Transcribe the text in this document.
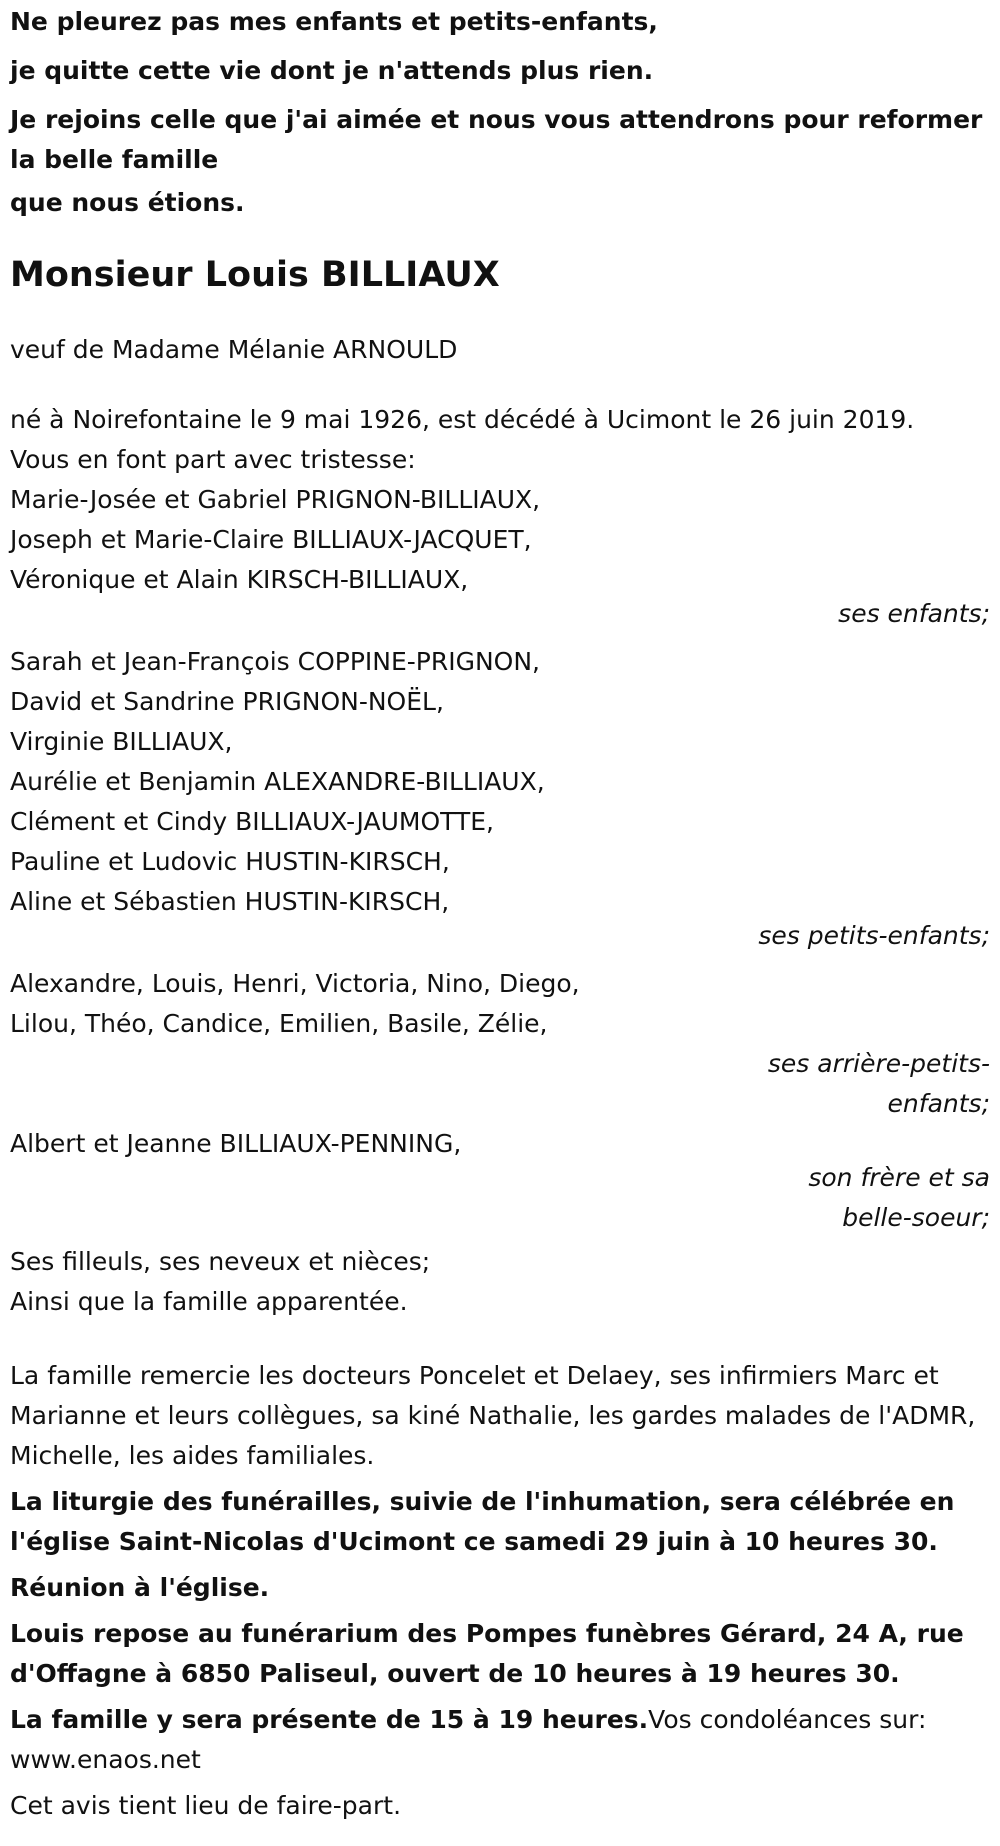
Ne pleurez pas mes enfants et petits-enfants,

je quitte cette vie dont je n'attends plus rien.

Je rejoins celle que j'ai aimée et nous vous attendrons pour reformer la belle famille

que nous étions.

Monsieur Louis BILLIAUX

veuf de Madame Mélanie ARNOULD

né à Noirefontaine le 9 mai 1926, est décédé à Ucimont le 26 juin 2019.

Vous en font part avec tristesse:

Marie-Josée et Gabriel PRIGNON-BILLIAUX,

Joseph et Marie-Claire BILLIAUX-JACQUET,

Véronique et Alain KIRSCH-BILLIAUX,

ses enfants;

Sarah et Jean-François COPPINE-PRIGNON,

David et Sandrine PRIGNON-NOËL,

Virginie BILLIAUX,

Aurélie et Benjamin ALEXANDRE-BILLIAUX,

Clément et Cindy BILLIAUX-JAUMOTTE,

Pauline et Ludovic HUSTIN-KIRSCH,

Aline et Sébastien HUSTIN-KIRSCH,

ses petits-enfants;

Alexandre, Louis, Henri, Victoria, Nino, Diego,

Lilou, Théo, Candice, Emilien, Basile, Zélie,

ses arrière-petits-
enfants;

Albert et Jeanne BILLIAUX-PENNING,

son frère et sa
belle-soeur;

Ses filleuls, ses neveux et nièces;

Ainsi que la famille apparentée.

La famille remercie les docteurs Poncelet et Delaey, ses infirmiers Marc et Marianne et leurs collègues, sa kiné Nathalie, les gardes malades de l'ADMR, Michelle, les aides familiales.

La liturgie des funérailles, suivie de l'inhumation, sera célébrée en l'église Saint-Nicolas d'Ucimont ce samedi 29 juin à 10 heures 30.

Réunion à l'église.

Louis repose au funérarium des Pompes funèbres Gérard, 24 A, rue d'Offagne à 6850 Paliseul, ouvert de 10 heures à 19 heures 30.

La famille y sera présente de 15 à 19 heures.Vos condoléances sur: www.enaos.net

Cet avis tient lieu de faire-part.
